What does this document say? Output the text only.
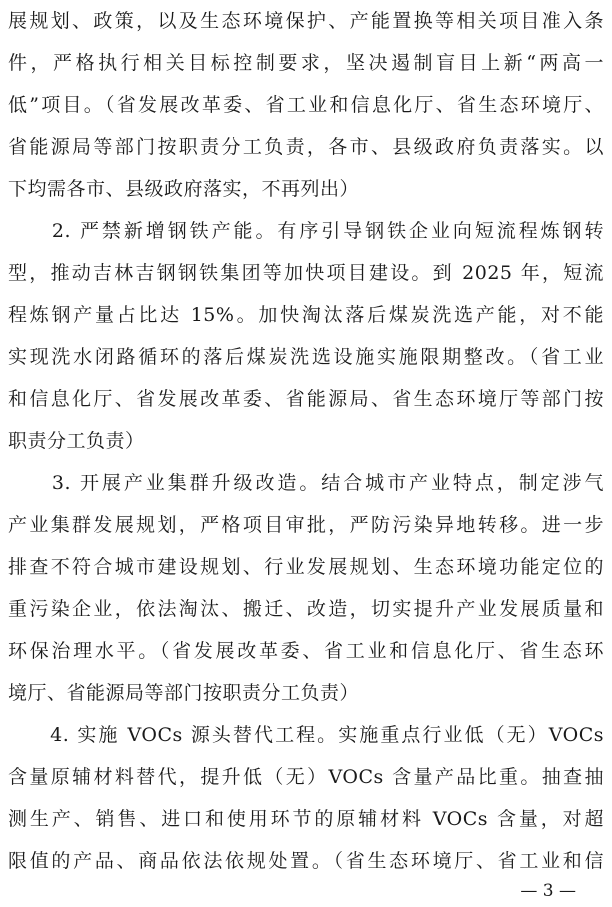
展规划、政策，以及生态环境保护、产能置换等相关项目准入条
件，严格执行相关目标控制要求，坚决遏制盲目上新“两高一
低”项目。（省发展改革委、省工业和信息化厅、省生态环境厅、
省能源局等部门按职责分工负责，各市、县级政府负责落实。以
下均需各市、县级政府落实，不再列出）
　　2. 严禁新增钢铁产能。有序引导钢铁企业向短流程炼钢转
型，推动吉林吉钢钢铁集团等加快项目建设。到 2025 年，短流
程炼钢产量占比达 15%。加快淘汰落后煤炭洗选产能，对不能
实现洗水闭路循环的落后煤炭洗选设施实施限期整改。（省工业
和信息化厅、省发展改革委、省能源局、省生态环境厅等部门按
职责分工负责）
　　3. 开展产业集群升级改造。结合城市产业特点，制定涉气
产业集群发展规划，严格项目审批，严防污染异地转移。进一步
排查不符合城市建设规划、行业发展规划、生态环境功能定位的
重污染企业，依法淘汰、搬迁、改造，切实提升产业发展质量和
环保治理水平。（省发展改革委、省工业和信息化厅、省生态环
境厅、省能源局等部门按职责分工负责）
　　4. 实施 VOCs 源头替代工程。实施重点行业低（无）VOCs
含量原辅材料替代，提升低（无）VOCs 含量产品比重。抽查抽
测生产、销售、进口和使用环节的原辅材料 VOCs 含量，对超
限值的产品、商品依法依规处置。（省生态环境厅、省工业和信
— 3 —
